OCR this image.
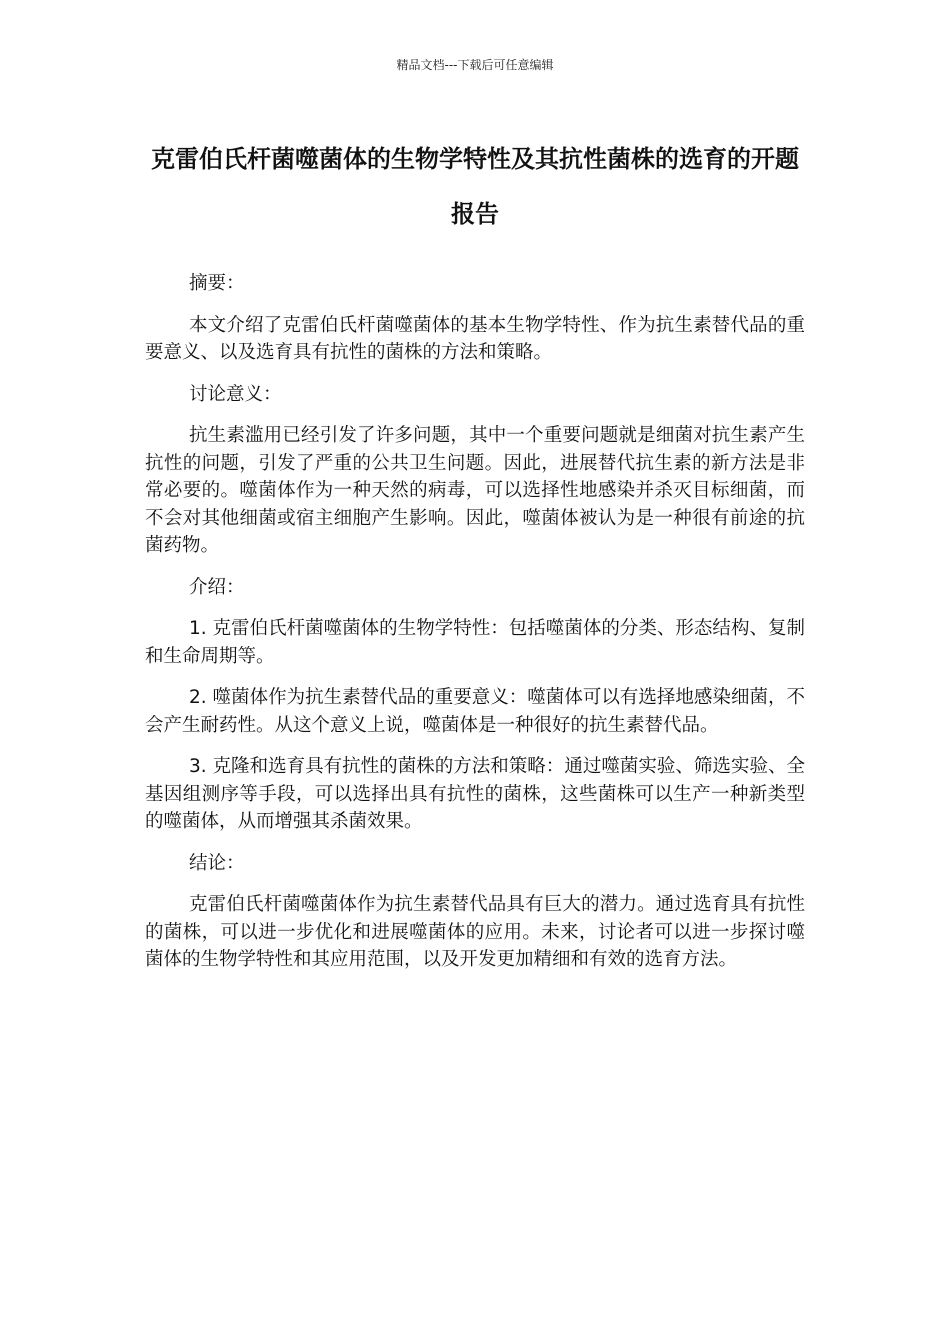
精品文档---下载后可任意编辑
克雷伯氏杆菌噬菌体的生物学特性及其抗性菌株的选育的开题报告

摘要：

本文介绍了克雷伯氏杆菌噬菌体的基本生物学特性、作为抗生素替代品的重要意义、以及选育具有抗性的菌株的方法和策略。

讨论意义：

抗生素滥用已经引发了许多问题，其中一个重要问题就是细菌对抗生素产生抗性的问题，引发了严重的公共卫生问题。因此，进展替代抗生素的新方法是非常必要的。噬菌体作为一种天然的病毒，可以选择性地感染并杀灭目标细菌，而不会对其他细菌或宿主细胞产生影响。因此，噬菌体被认为是一种很有前途的抗菌药物。

介绍：

1. 克雷伯氏杆菌噬菌体的生物学特性：包括噬菌体的分类、形态结构、复制和生命周期等。

2. 噬菌体作为抗生素替代品的重要意义：噬菌体可以有选择地感染细菌，不会产生耐药性。从这个意义上说，噬菌体是一种很好的抗生素替代品。

3. 克隆和选育具有抗性的菌株的方法和策略：通过噬菌实验、筛选实验、全基因组测序等手段，可以选择出具有抗性的菌株，这些菌株可以生产一种新类型的噬菌体，从而增强其杀菌效果。

结论：

克雷伯氏杆菌噬菌体作为抗生素替代品具有巨大的潜力。通过选育具有抗性的菌株，可以进一步优化和进展噬菌体的应用。未来，讨论者可以进一步探讨噬菌体的生物学特性和其应用范围，以及开发更加精细和有效的选育方法。
